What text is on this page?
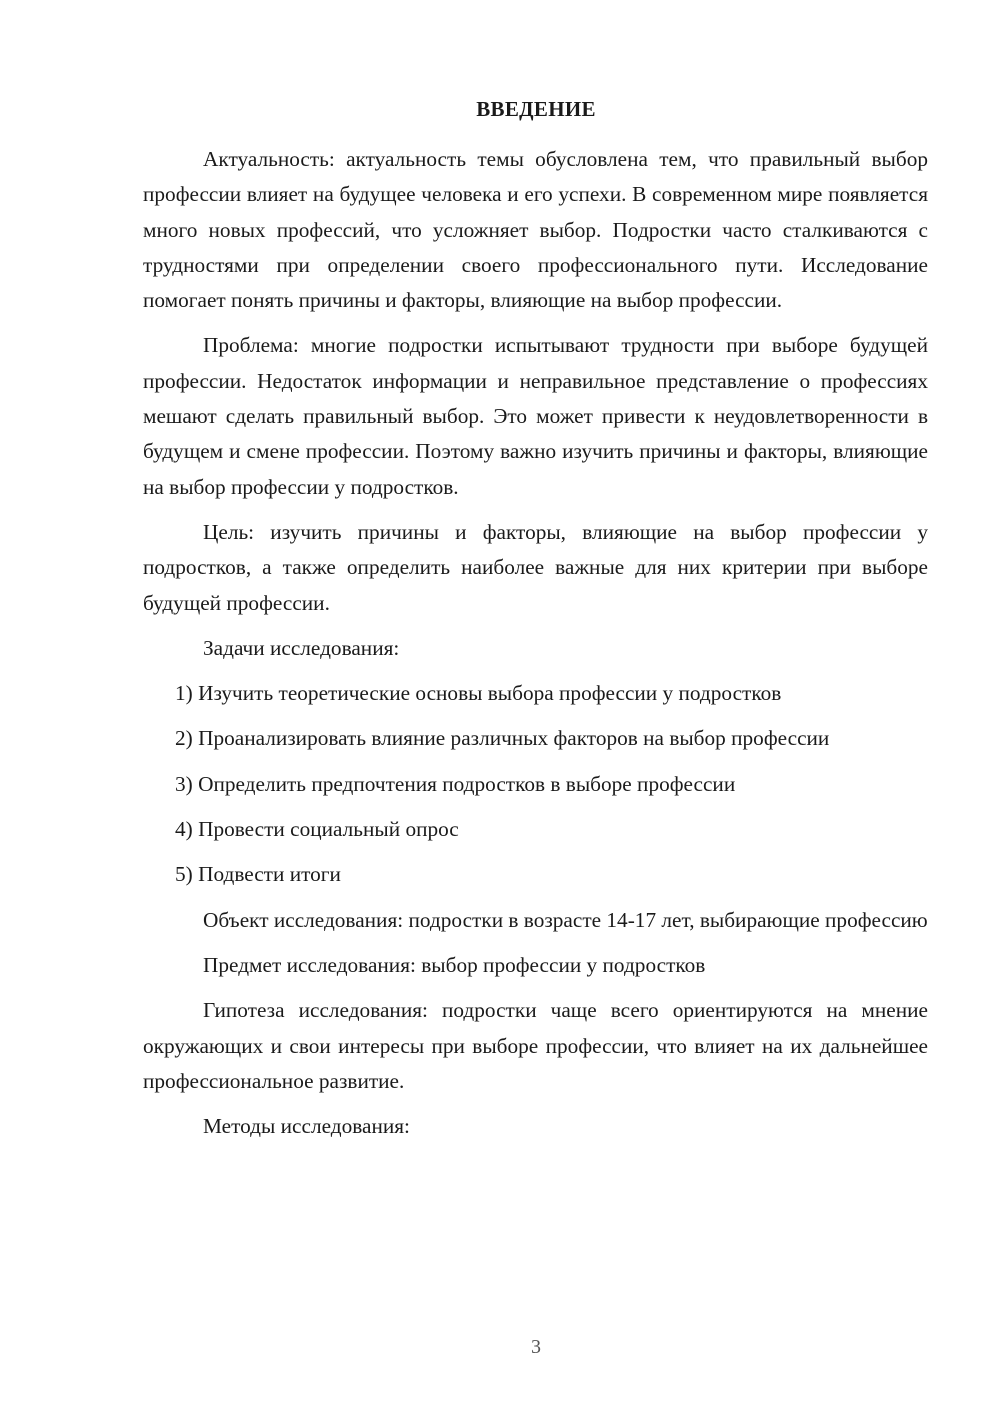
ВВЕДЕНИЕ

Актуальность: актуальность темы обусловлена тем, что правильный выбор профессии влияет на будущее человека и его успехи. В современном мире появляется много новых профессий, что усложняет выбор. Подростки часто сталкиваются с трудностями при определении своего профессионального пути. Исследование помогает понять причины и факторы, влияющие на выбор профессии.

Проблема: многие подростки испытывают трудности при выборе будущей профессии. Недостаток информации и неправильное представление о профессиях мешают сделать правильный выбор. Это может привести к неудовлетворенности в будущем и смене профессии. Поэтому важно изучить причины и факторы, влияющие на выбор профессии у подростков.

Цель: изучить причины и факторы, влияющие на выбор профессии у подростков, а также определить наиболее важные для них критерии при выборе будущей профессии.

Задачи исследования:

1) Изучить теоретические основы выбора профессии у подростков

2) Проанализировать влияние различных факторов на выбор профессии

3) Определить предпочтения подростков в выборе профессии

4) Провести социальный опрос

5) Подвести итоги

Объект исследования: подростки в возрасте 14-17 лет, выбирающие профессию

Предмет исследования: выбор профессии у подростков

Гипотеза исследования: подростки чаще всего ориентируются на мнение окружающих и свои интересы при выборе профессии, что влияет на их дальнейшее профессиональное развитие.

Методы исследования:

3
